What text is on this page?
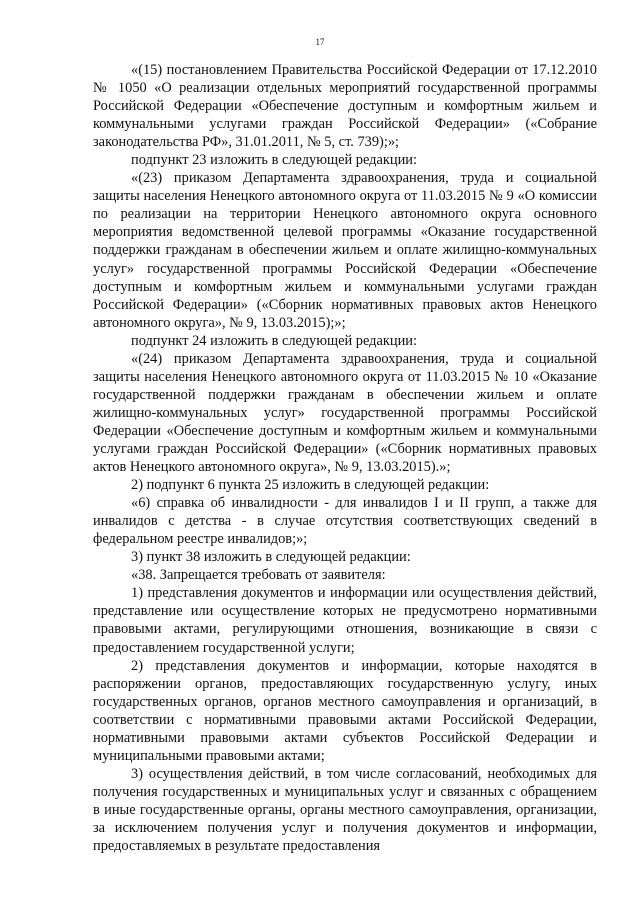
17

«(15) постановлением Правительства Российской Федерации от 17.12.2010 № 1050 «О реализации отдельных мероприятий государственной программы Российской Федерации «Обеспечение доступным и комфортным жильем и коммунальными услугами граждан Российской Федерации» («Собрание законодательства РФ», 31.01.2011, № 5, ст. 739);»;

подпункт 23 изложить в следующей редакции:

«(23) приказом Департамента здравоохранения, труда и социальной защиты населения Ненецкого автономного округа от 11.03.2015 № 9 «О комиссии по реализации на территории Ненецкого автономного округа основного мероприятия ведомственной целевой программы «Оказание государственной поддержки гражданам в обеспечении жильем и оплате жилищно-коммунальных услуг» государственной программы Российской Федерации «Обеспечение доступным и комфортным жильем и коммунальными услугами граждан Российской Федерации» («Сборник нормативных правовых актов Ненецкого автономного округа», № 9, 13.03.2015);»;

подпункт 24 изложить в следующей редакции:

«(24) приказом Департамента здравоохранения, труда и социальной защиты населения Ненецкого автономного округа от 11.03.2015 № 10 «Оказание государственной поддержки гражданам в обеспечении жильем и оплате жилищно-коммунальных услуг» государственной программы Российской Федерации «Обеспечение доступным и комфортным жильем и коммунальными услугами граждан Российской Федерации» («Сборник нормативных правовых актов Ненецкого автономного округа», № 9, 13.03.2015).»;

2) подпункт 6 пункта 25 изложить в следующей редакции:

«6) справка об инвалидности - для инвалидов I и II групп, а также для инвалидов с детства - в случае отсутствия соответствующих сведений в федеральном реестре инвалидов;»;

3) пункт 38 изложить в следующей редакции:

«38. Запрещается требовать от заявителя:

1) представления документов и информации или осуществления действий, представление или осуществление которых не предусмотрено нормативными правовыми актами, регулирующими отношения, возникающие в связи с предоставлением государственной услуги;

2) представления документов и информации, которые находятся в распоряжении органов, предоставляющих государственную услугу, иных государственных органов, органов местного самоуправления и организаций, в соответствии с нормативными правовыми актами Российской Федерации, нормативными правовыми актами субъектов Российской Федерации и муниципальными правовыми актами;

3) осуществления действий, в том числе согласований, необходимых для получения государственных и муниципальных услуг и связанных с обращением в иные государственные органы, органы местного самоуправления, организации, за исключением получения услуг и получения документов и информации, предоставляемых в результате предоставления
